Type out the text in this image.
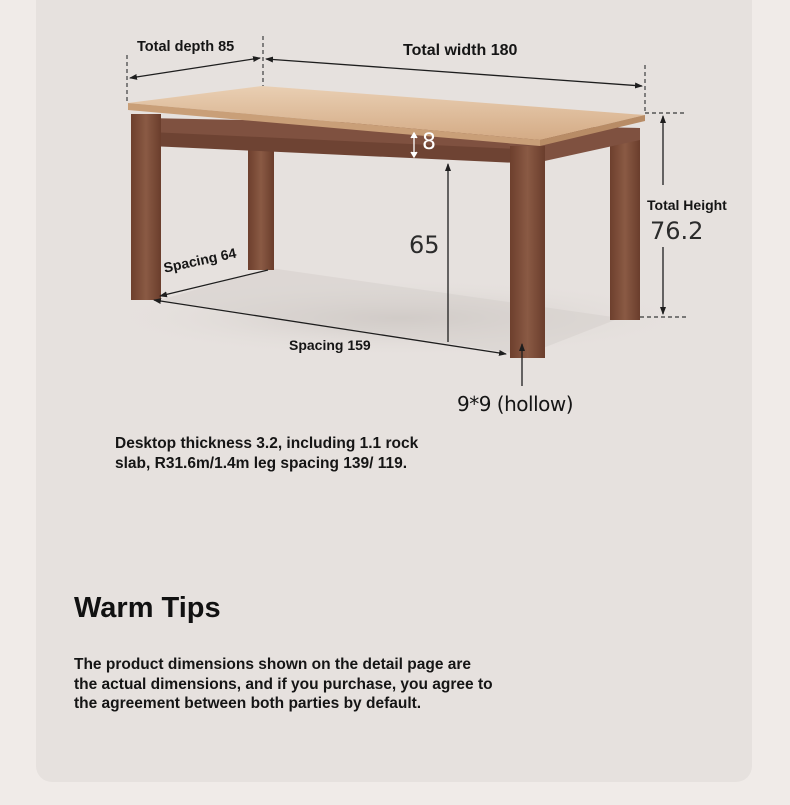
Total depth 85	Total width 180
8
Total Height
76.2
65
Spacing 64
Spacing 159
9*9 (hollow)
Desktop thickness 3.2, including 1.1 rock slab, R31.6m/1.4m leg spacing 139/ 119.
Warm Tips
The product dimensions shown on the detail page are the actual dimensions, and if you purchase, you agree to the agreement between both parties by default.
